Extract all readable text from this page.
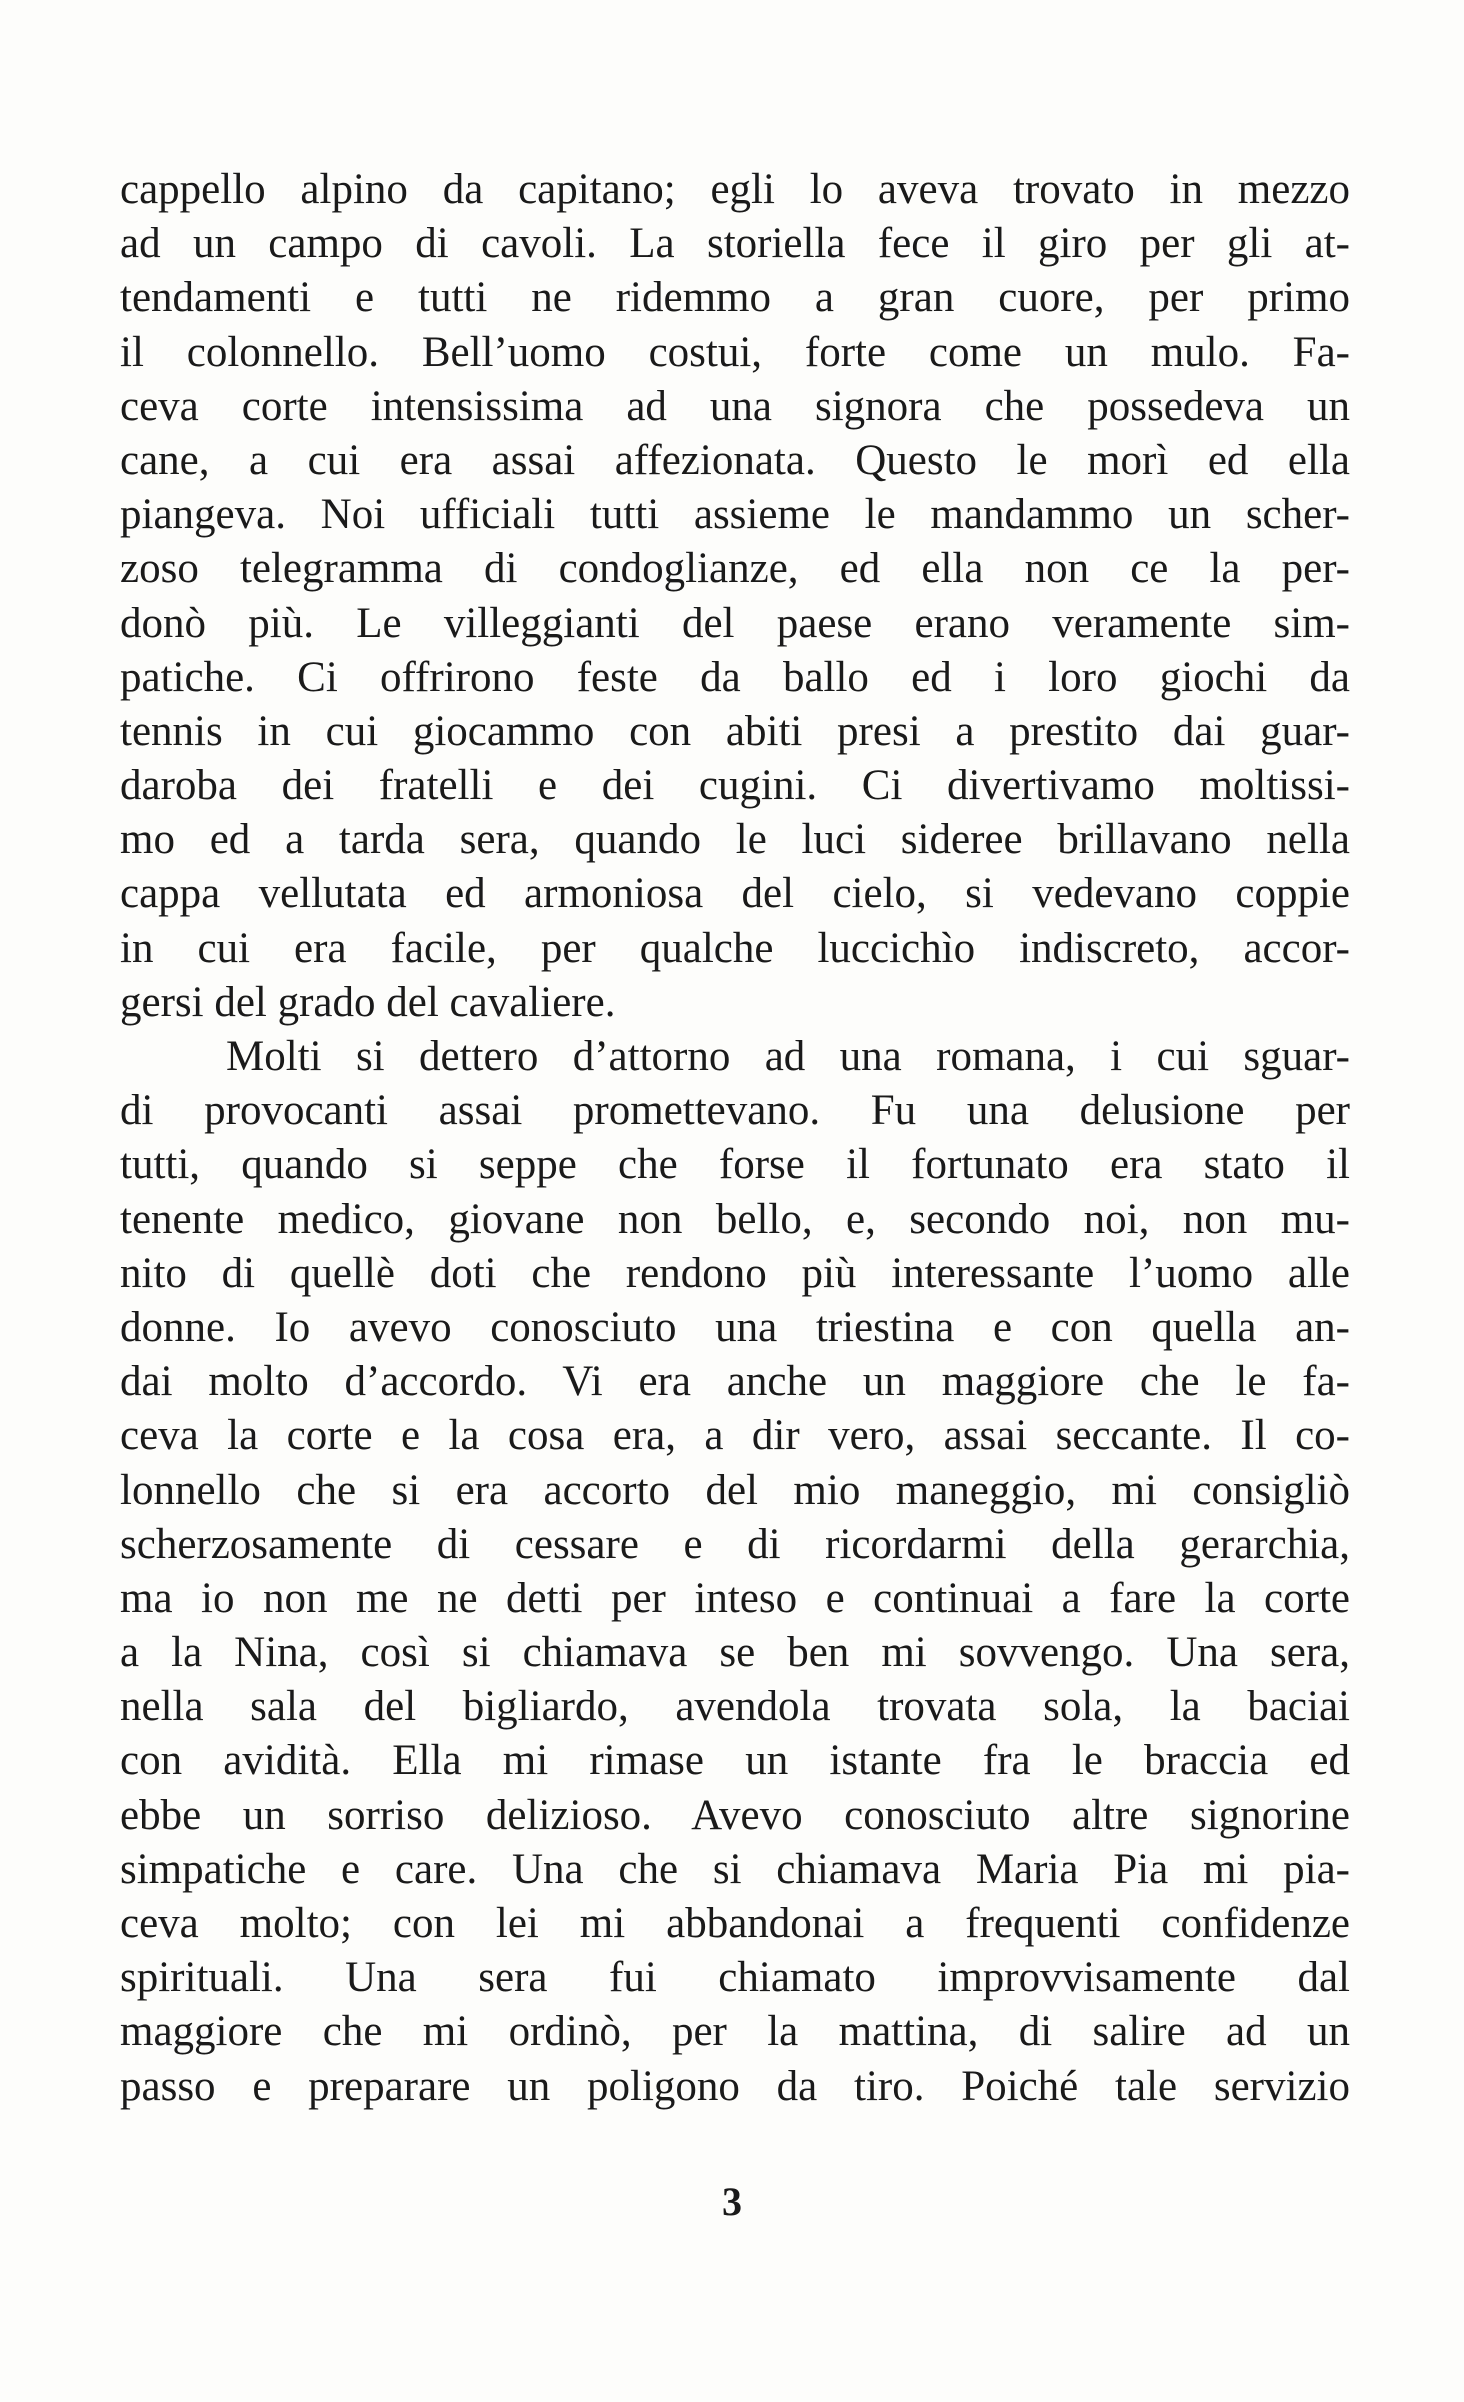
cappello alpino da capitano; egli lo aveva trovato in mezzo
ad un campo di cavoli. La storiella fece il giro per gli at-
tendamenti e tutti ne ridemmo a gran cuore, per primo
il colonnello. Bell’uomo costui, forte come un mulo. Fa-
ceva corte intensissima ad una signora che possedeva un
cane, a cui era assai affezionata. Questo le morì ed ella
piangeva. Noi ufficiali tutti assieme le mandammo un scher-
zoso telegramma di condoglianze, ed ella non ce la per-
donò più. Le villeggianti del paese erano veramente sim-
patiche. Ci offrirono feste da ballo ed i loro giochi da
tennis in cui giocammo con abiti presi a prestito dai guar-
daroba dei fratelli e dei cugini. Ci divertivamo moltissi-
mo ed a tarda sera, quando le luci sideree brillavano nella
cappa vellutata ed armoniosa del cielo, si vedevano coppie
in cui era facile, per qualche luccichìo indiscreto, accor-
gersi del grado del cavaliere.
Molti si dettero d’attorno ad una romana, i cui sguar-
di provocanti assai promettevano. Fu una delusione per
tutti, quando si seppe che forse il fortunato era stato il
tenente medico, giovane non bello, e, secondo noi, non mu-
nito di quellè doti che rendono più interessante l’uomo alle
donne. Io avevo conosciuto una triestina e con quella an-
dai molto d’accordo. Vi era anche un maggiore che le fa-
ceva la corte e la cosa era, a dir vero, assai seccante. Il co-
lonnello che si era accorto del mio maneggio, mi consigliò
scherzosamente di cessare e di ricordarmi della gerarchia,
ma io non me ne detti per inteso e continuai a fare la corte
a la Nina, così si chiamava se ben mi sovvengo. Una sera,
nella sala del bigliardo, avendola trovata sola, la baciai
con avidità. Ella mi rimase un istante fra le braccia ed
ebbe un sorriso delizioso. Avevo conosciuto altre signorine
simpatiche e care. Una che si chiamava Maria Pia mi pia-
ceva molto; con lei mi abbandonai a frequenti confidenze
spirituali. Una sera fui chiamato improvvisamente dal
maggiore che mi ordinò, per la mattina, di salire ad un
passo e preparare un poligono da tiro. Poiché tale servizio
3
